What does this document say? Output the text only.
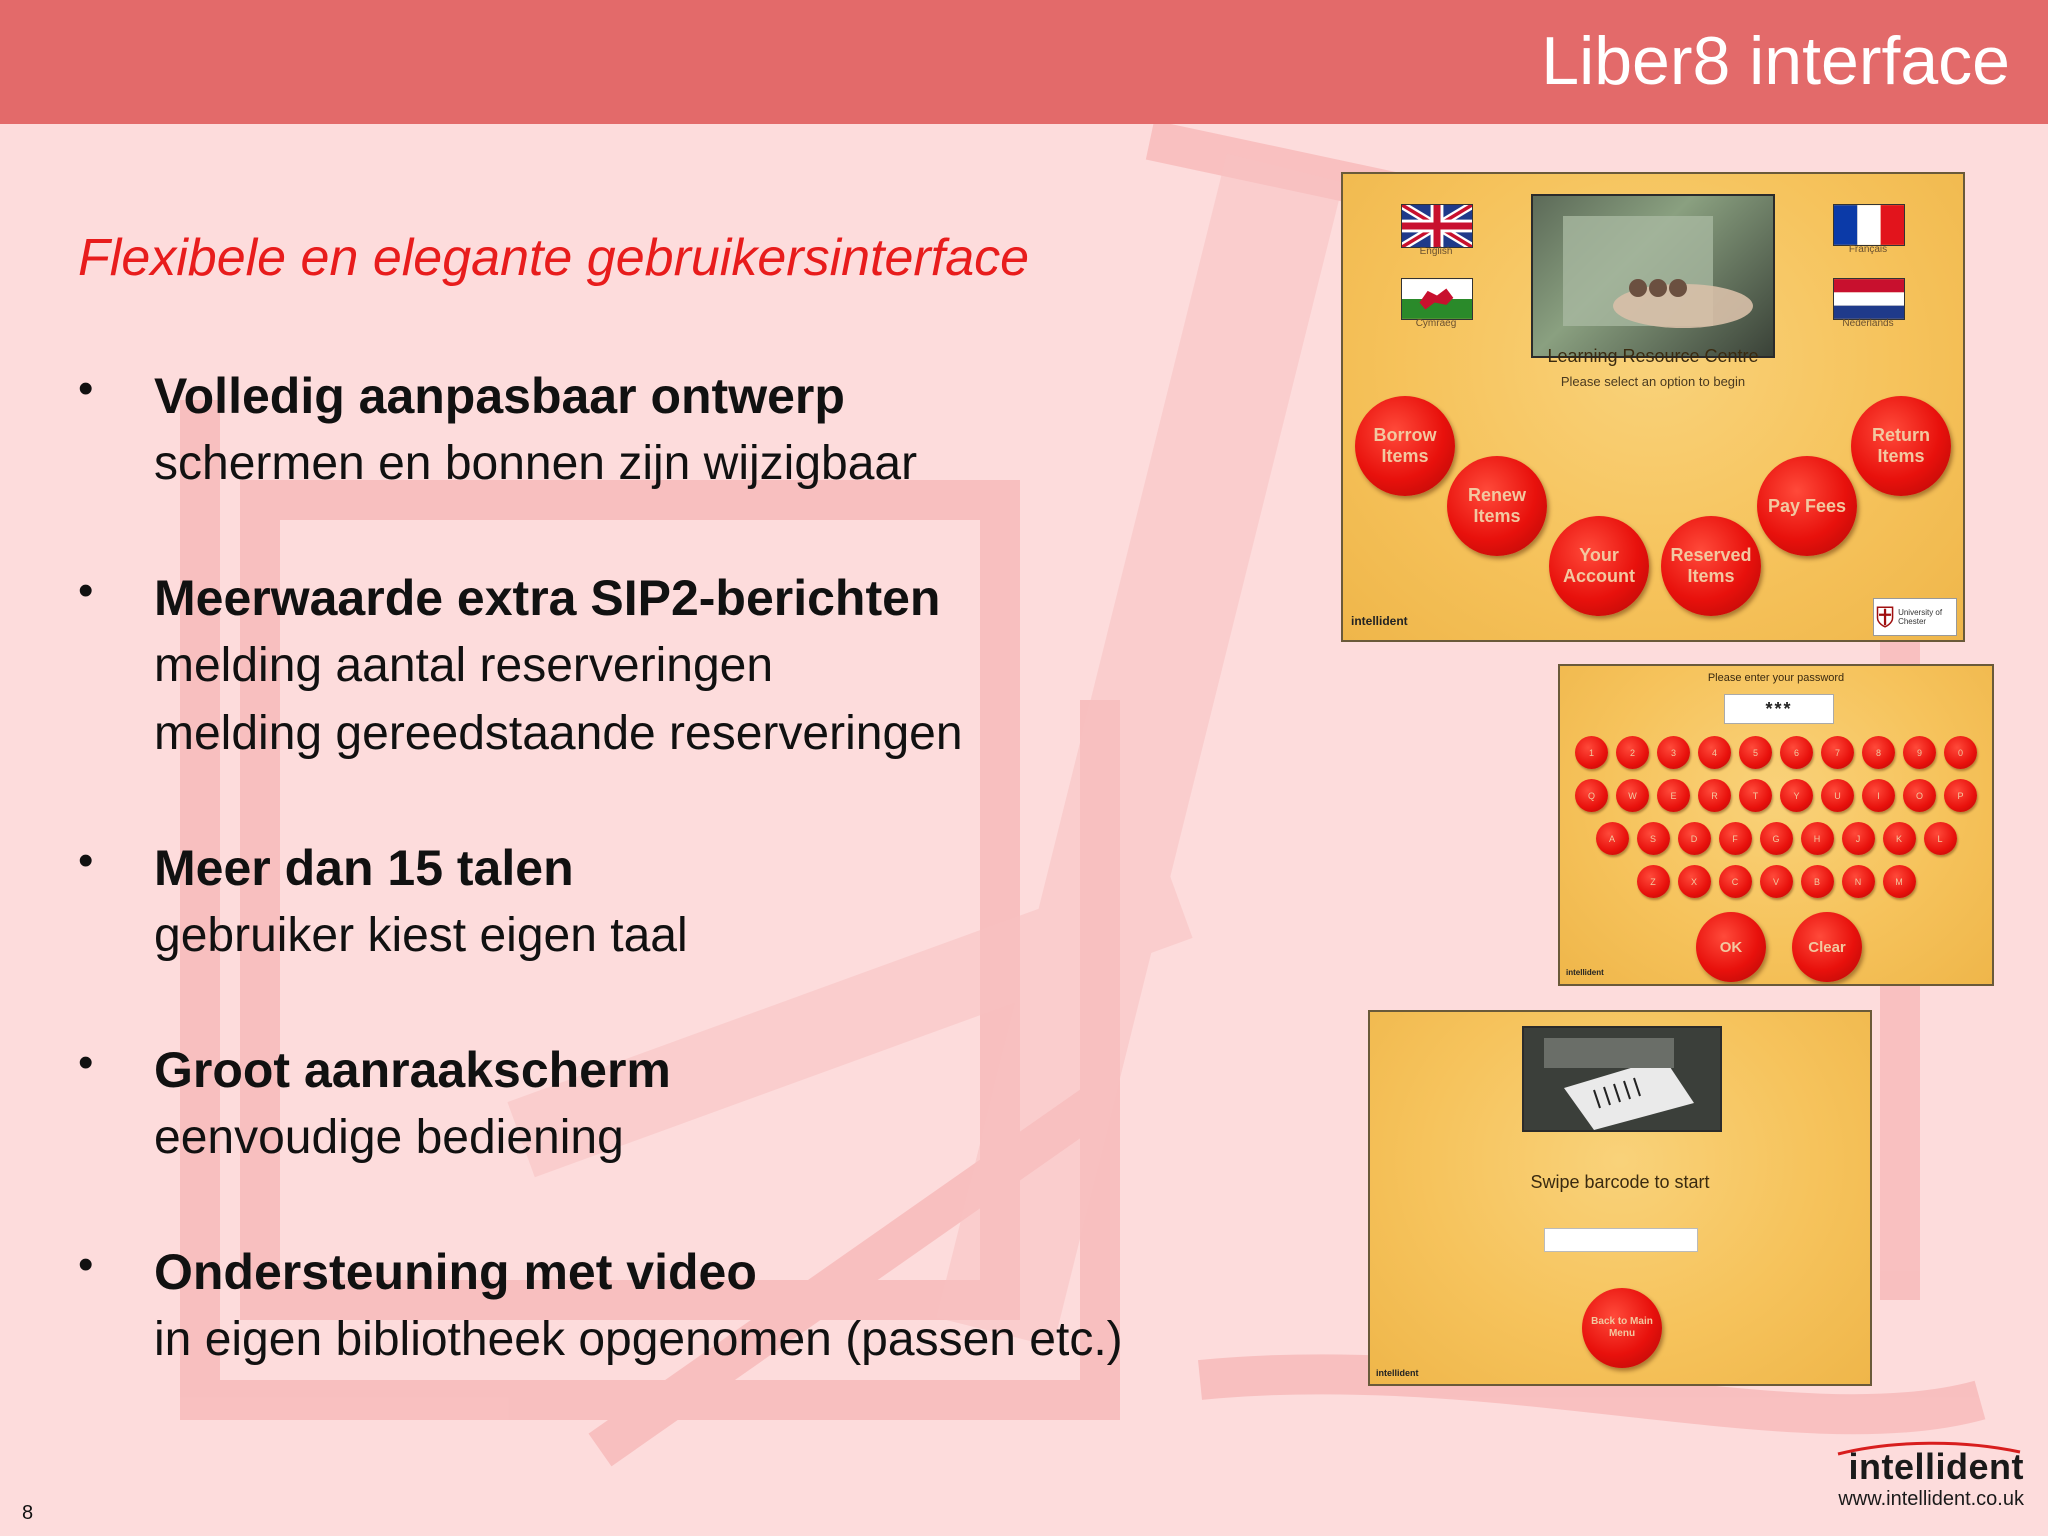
Liber8 interface
Flexibele en elegante gebruikersinterface
• Volledig aanpasbaar ontwerp
schermen en bonnen zijn wijzigbaar
• Meerwaarde extra SIP2-berichten
melding aantal reserveringen
melding gereedstaande reserveringen
• Meer dan 15 talen
gebruiker kiest eigen taal
• Groot aanraakscherm
eenvoudige bediening
• Ondersteuning met video
in eigen bibliotheek opgenomen (passen etc.)
English
Cymraeg
Français
Nederlands
Learning Resource Centre
Please select an option to begin
Borrow Items
Renew Items
Your Account
Reserved Items
Pay Fees
Return Items
intellident
University of Chester
Please enter your password
***
1	2	3	4	5	6	7	8	9	0
Q	W	E	R	T	Y	U	I	O	P
A	S	D	F	G	H	J	K	L
Z	X	C	V	B	N	M
OK	Clear
intellident
Swipe barcode to start
Back to Main Menu
intellident
8
intellident
www.intellident.co.uk
